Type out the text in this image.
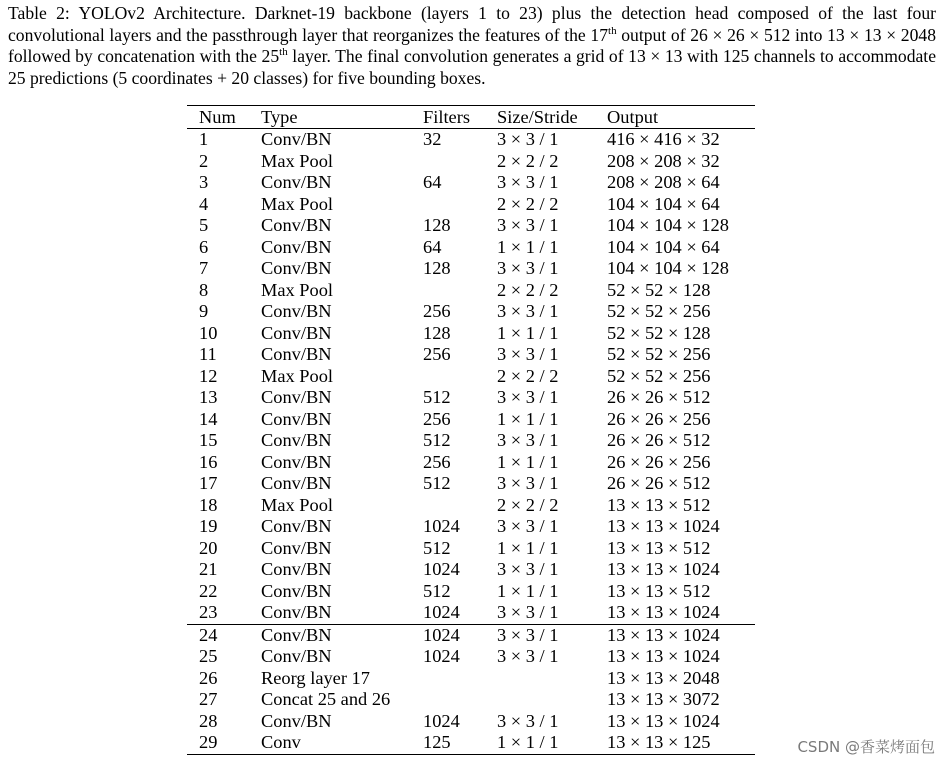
Table 2: YOLOv2 Architecture. Darknet-19 backbone (layers 1 to 23) plus the detection head composed of the last four convolutional layers and the passthrough layer that reorganizes the features of the 17th output of 26 × 26 × 512 into 13 × 13 × 2048 followed by concatenation with the 25th layer. The final convolution generates a grid of 13 × 13 with 125 channels to accommodate 25 predictions (5 coordinates + 20 classes) for five bounding boxes.
Num	Type	Filters	Size/Stride	Output
1	Conv/BN	32	3 × 3 / 1	416 × 416 × 32
2	Max Pool		2 × 2 / 2	208 × 208 × 32
3	Conv/BN	64	3 × 3 / 1	208 × 208 × 64
4	Max Pool		2 × 2 / 2	104 × 104 × 64
5	Conv/BN	128	3 × 3 / 1	104 × 104 × 128
6	Conv/BN	64	1 × 1 / 1	104 × 104 × 64
7	Conv/BN	128	3 × 3 / 1	104 × 104 × 128
8	Max Pool		2 × 2 / 2	52 × 52 × 128
9	Conv/BN	256	3 × 3 / 1	52 × 52 × 256
10	Conv/BN	128	1 × 1 / 1	52 × 52 × 128
11	Conv/BN	256	3 × 3 / 1	52 × 52 × 256
12	Max Pool		2 × 2 / 2	52 × 52 × 256
13	Conv/BN	512	3 × 3 / 1	26 × 26 × 512
14	Conv/BN	256	1 × 1 / 1	26 × 26 × 256
15	Conv/BN	512	3 × 3 / 1	26 × 26 × 512
16	Conv/BN	256	1 × 1 / 1	26 × 26 × 256
17	Conv/BN	512	3 × 3 / 1	26 × 26 × 512
18	Max Pool		2 × 2 / 2	13 × 13 × 512
19	Conv/BN	1024	3 × 3 / 1	13 × 13 × 1024
20	Conv/BN	512	1 × 1 / 1	13 × 13 × 512
21	Conv/BN	1024	3 × 3 / 1	13 × 13 × 1024
22	Conv/BN	512	1 × 1 / 1	13 × 13 × 512
23	Conv/BN	1024	3 × 3 / 1	13 × 13 × 1024
24	Conv/BN	1024	3 × 3 / 1	13 × 13 × 1024
25	Conv/BN	1024	3 × 3 / 1	13 × 13 × 1024
26	Reorg layer 17			13 × 13 × 2048
27	Concat 25 and 26			13 × 13 × 3072
28	Conv/BN	1024	3 × 3 / 1	13 × 13 × 1024
29	Conv	125	1 × 1 / 1	13 × 13 × 125	CSDN @香菜烤面包
